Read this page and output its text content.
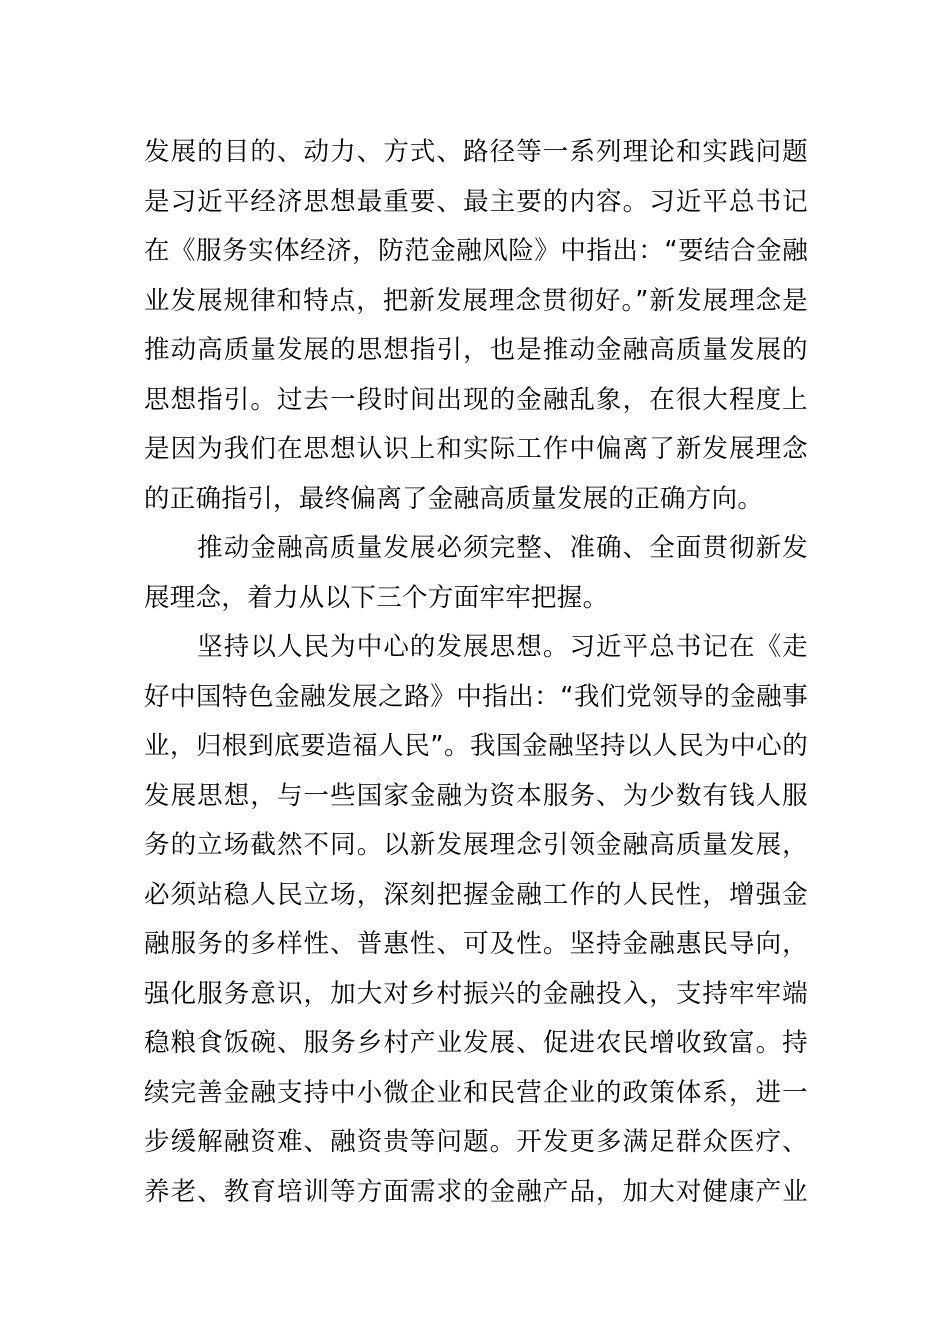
发展的目的、动力、方式、路径等一系列理论和实践问题
是习近平经济思想最重要、最主要的内容。习近平总书记
在《服务实体经济，防范金融风险》中指出：“要结合金融
业发展规律和特点，把新发展理念贯彻好。”新发展理念是
推动高质量发展的思想指引，也是推动金融高质量发展的
思想指引。过去一段时间出现的金融乱象，在很大程度上
是因为我们在思想认识上和实际工作中偏离了新发展理念
的正确指引，最终偏离了金融高质量发展的正确方向。
　　推动金融高质量发展必须完整、准确、全面贯彻新发
展理念，着力从以下三个方面牢牢把握。
　　坚持以人民为中心的发展思想。习近平总书记在《走
好中国特色金融发展之路》中指出：“我们党领导的金融事
业，归根到底要造福人民”。我国金融坚持以人民为中心的
发展思想，与一些国家金融为资本服务、为少数有钱人服
务的立场截然不同。以新发展理念引领金融高质量发展，
必须站稳人民立场，深刻把握金融工作的人民性，增强金
融服务的多样性、普惠性、可及性。坚持金融惠民导向，
强化服务意识，加大对乡村振兴的金融投入，支持牢牢端
稳粮食饭碗、服务乡村产业发展、促进农民增收致富。持
续完善金融支持中小微企业和民营企业的政策体系，进一
步缓解融资难、融资贵等问题。开发更多满足群众医疗、
养老、教育培训等方面需求的金融产品，加大对健康产业
